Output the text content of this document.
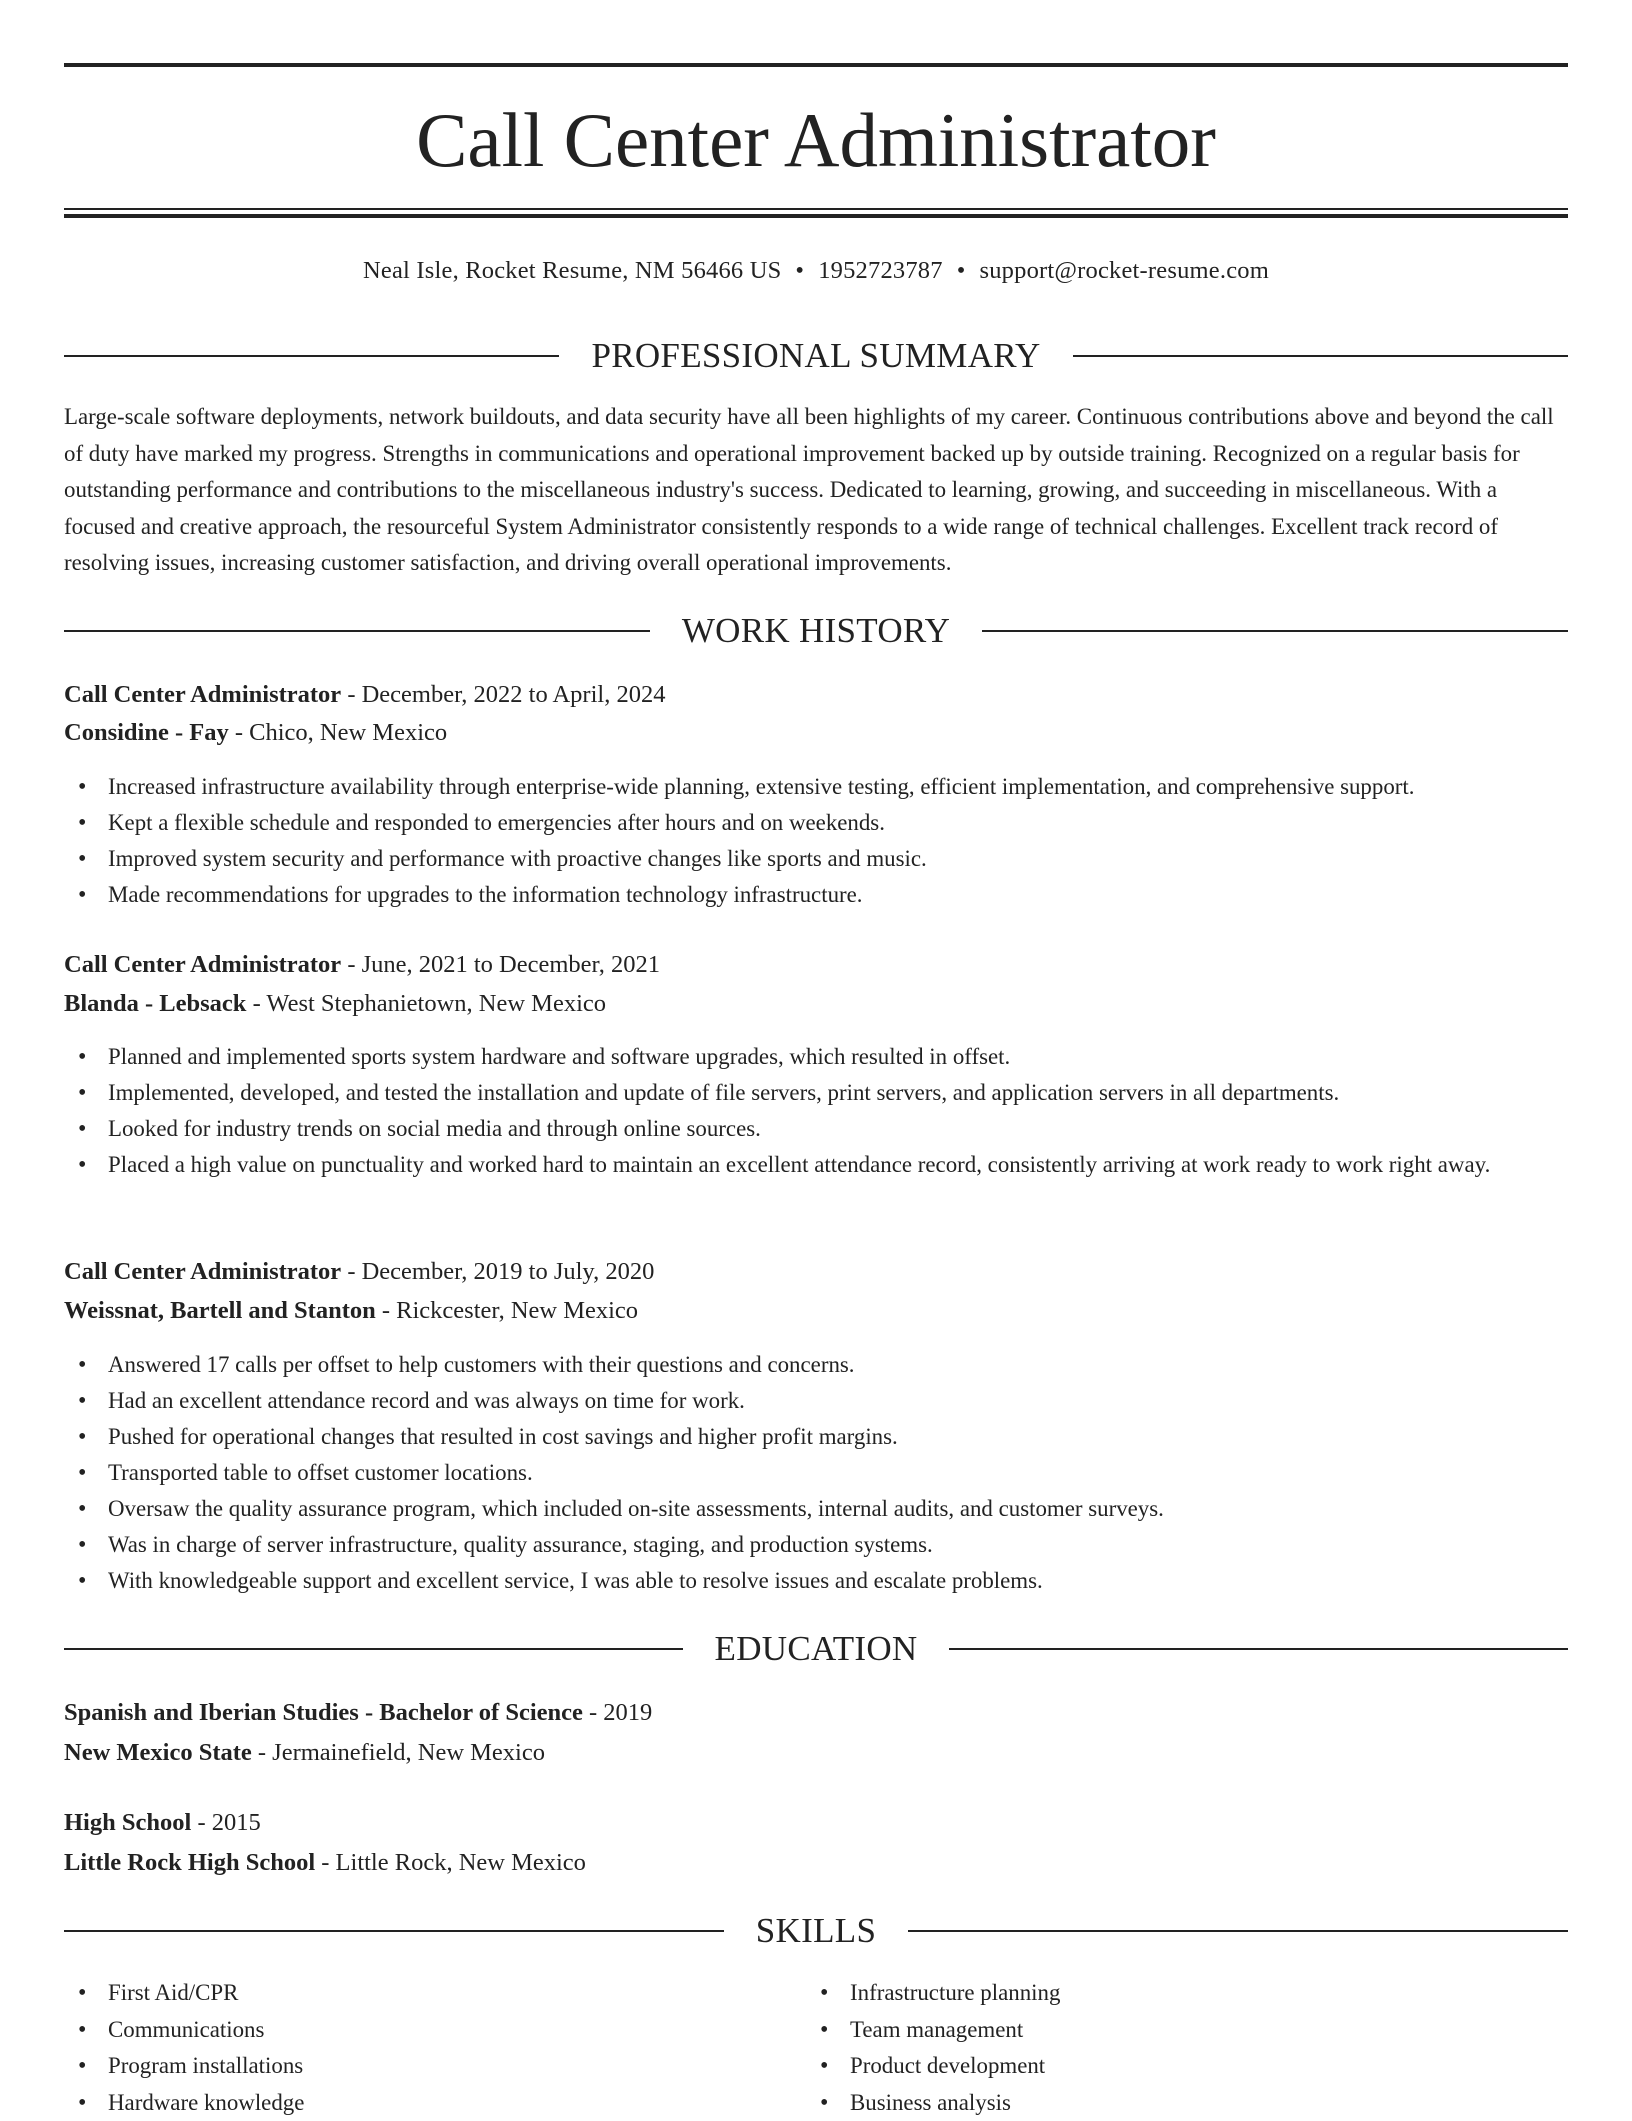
Call Center Administrator
Neal Isle, Rocket Resume, NM 56466 US • 1952723787 • support@rocket-resume.com
PROFESSIONAL SUMMARY

Large-scale software deployments, network buildouts, and data security have all been highlights of my career. Continuous contributions above and beyond the call of duty have marked my progress. Strengths in communications and operational improvement backed up by outside training. Recognized on a regular basis for outstanding performance and contributions to the miscellaneous industry's success. Dedicated to learning, growing, and succeeding in miscellaneous. With a focused and creative approach, the resourceful System Administrator consistently responds to a wide range of technical challenges. Excellent track record of resolving issues, increasing customer satisfaction, and driving overall operational improvements.

WORK HISTORY
Call Center Administrator - December, 2022 to April, 2024
Considine - Fay - Chico, New Mexico
• Increased infrastructure availability through enterprise-wide planning, extensive testing, efficient implementation, and comprehensive support.
• Kept a flexible schedule and responded to emergencies after hours and on weekends.
• Improved system security and performance with proactive changes like sports and music.
• Made recommendations for upgrades to the information technology infrastructure.
Call Center Administrator - June, 2021 to December, 2021
Blanda - Lebsack - West Stephanietown, New Mexico
• Planned and implemented sports system hardware and software upgrades, which resulted in offset.
• Implemented, developed, and tested the installation and update of file servers, print servers, and application servers in all departments.
• Looked for industry trends on social media and through online sources.
• Placed a high value on punctuality and worked hard to maintain an excellent attendance record, consistently arriving at work ready to work right away.
Call Center Administrator - December, 2019 to July, 2020
Weissnat, Bartell and Stanton - Rickcester, New Mexico
• Answered 17 calls per offset to help customers with their questions and concerns.
• Had an excellent attendance record and was always on time for work.
• Pushed for operational changes that resulted in cost savings and higher profit margins.
• Transported table to offset customer locations.
• Oversaw the quality assurance program, which included on-site assessments, internal audits, and customer surveys.
• Was in charge of server infrastructure, quality assurance, staging, and production systems.
• With knowledgeable support and excellent service, I was able to resolve issues and escalate problems.
EDUCATION
Spanish and Iberian Studies - Bachelor of Science - 2019
New Mexico State - Jermainefield, New Mexico
High School - 2015
Little Rock High School - Little Rock, New Mexico
SKILLS
• First Aid/CPR
• Communications
• Program installations
• Hardware knowledge
• Infrastructure planning
• Team management
• Product development
• Business analysis
